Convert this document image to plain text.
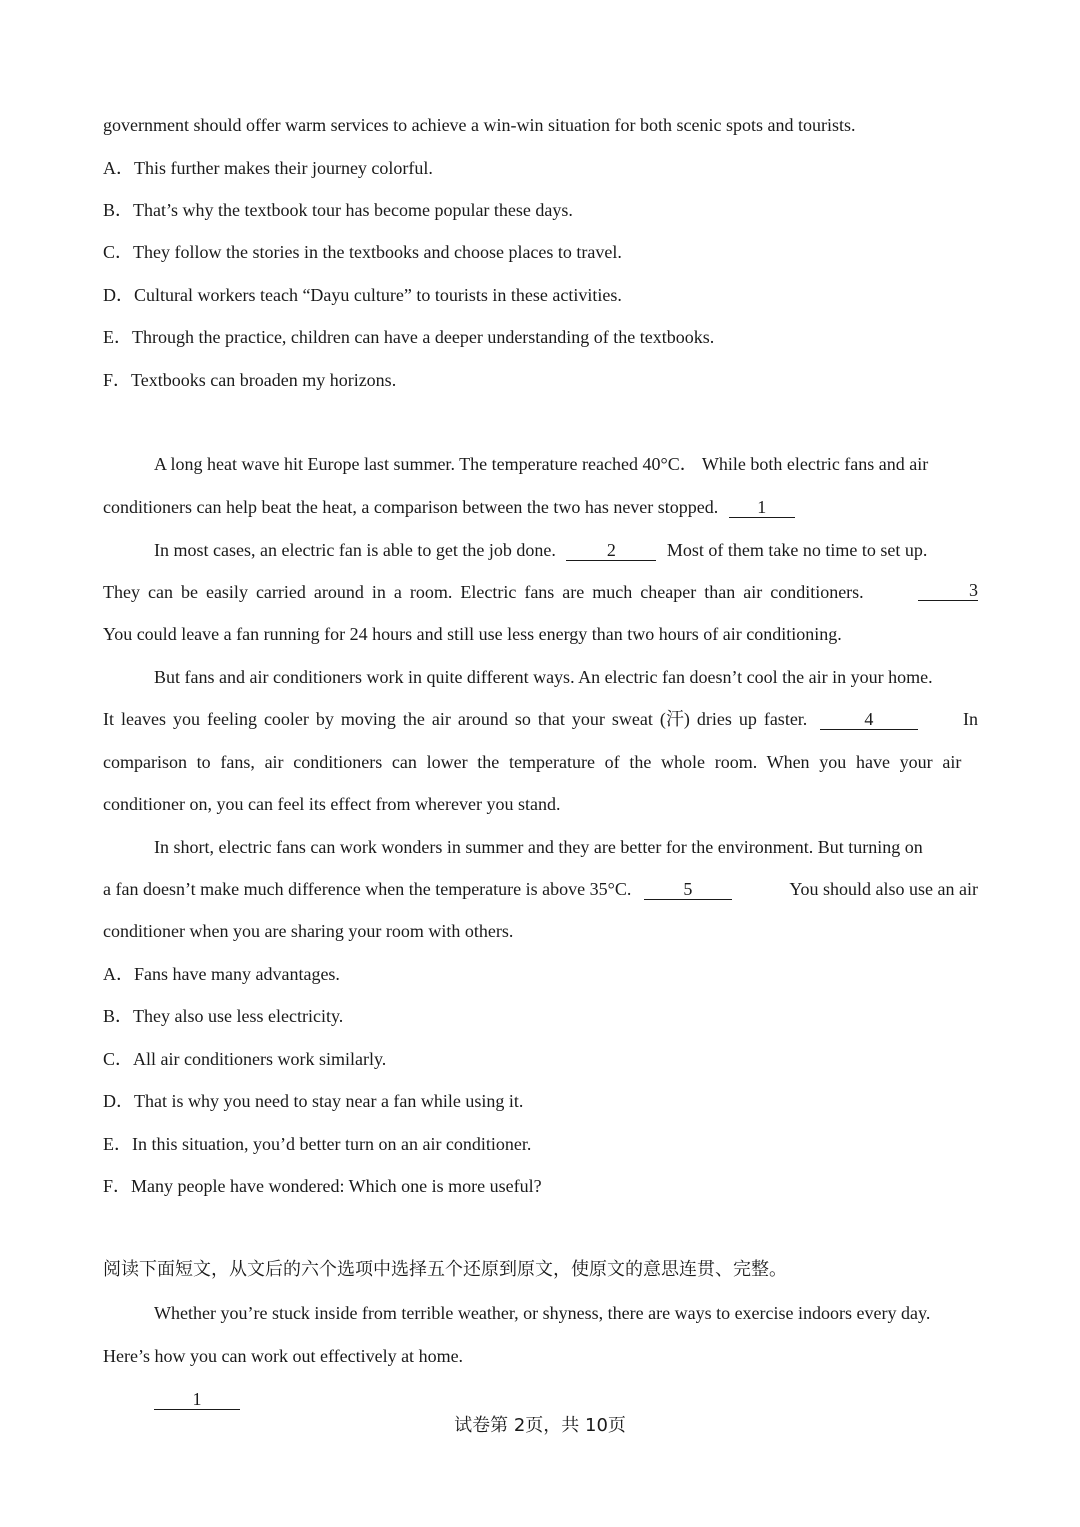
government should offer warm services to achieve a win-win situation for both scenic spots and tourists.
A．This further makes their journey colorful.
B．That’s why the textbook tour has become popular these days.
C．They follow the stories in the textbooks and choose places to travel.
D．Cultural workers teach “Dayu culture” to tourists in these activities.
E．Through the practice, children can have a deeper understanding of the textbooks.
F．Textbooks can broaden my horizons.
A long heat wave hit Europe last summer. The temperature reached 40°C． While both electric fans and air
conditioners can help beat the heat, a comparison between the two has never stopped. 1
In most cases, an electric fan is able to get the job done.	2	Most of them take no time to set up.
They can be easily carried around in a room. Electric fans are much cheaper than air conditioners.	3
You could leave a fan running for 24 hours and still use less energy than two hours of air conditioning.
But fans and air conditioners work in quite different ways. An electric fan doesn’t cool the air in your home.
It leaves you feeling cooler by moving the air around so that your sweat (汗) dries up faster.	4	In
comparison to fans, air conditioners can lower the temperature of the whole room. When you have your air
conditioner on, you can feel its effect from wherever you stand.
In short, electric fans can work wonders in summer and they are better for the environment. But turning on
a fan doesn’t make much difference when the temperature is above 35°C.	5	You should also use an air
conditioner when you are sharing your room with others.
A．Fans have many advantages.
B．They also use less electricity.
C．All air conditioners work similarly.
D．That is why you need to stay near a fan while using it.
E．In this situation, you’d better turn on an air conditioner.
F．Many people have wondered: Which one is more useful?
阅读下面短文，从文后的六个选项中选择五个还原到原文，使原文的意思连贯、完整。
Whether you’re stuck inside from terrible weather, or shyness, there are ways to exercise indoors every day.
Here’s how you can work out effectively at home.
1
试卷第 2页，共 10页
